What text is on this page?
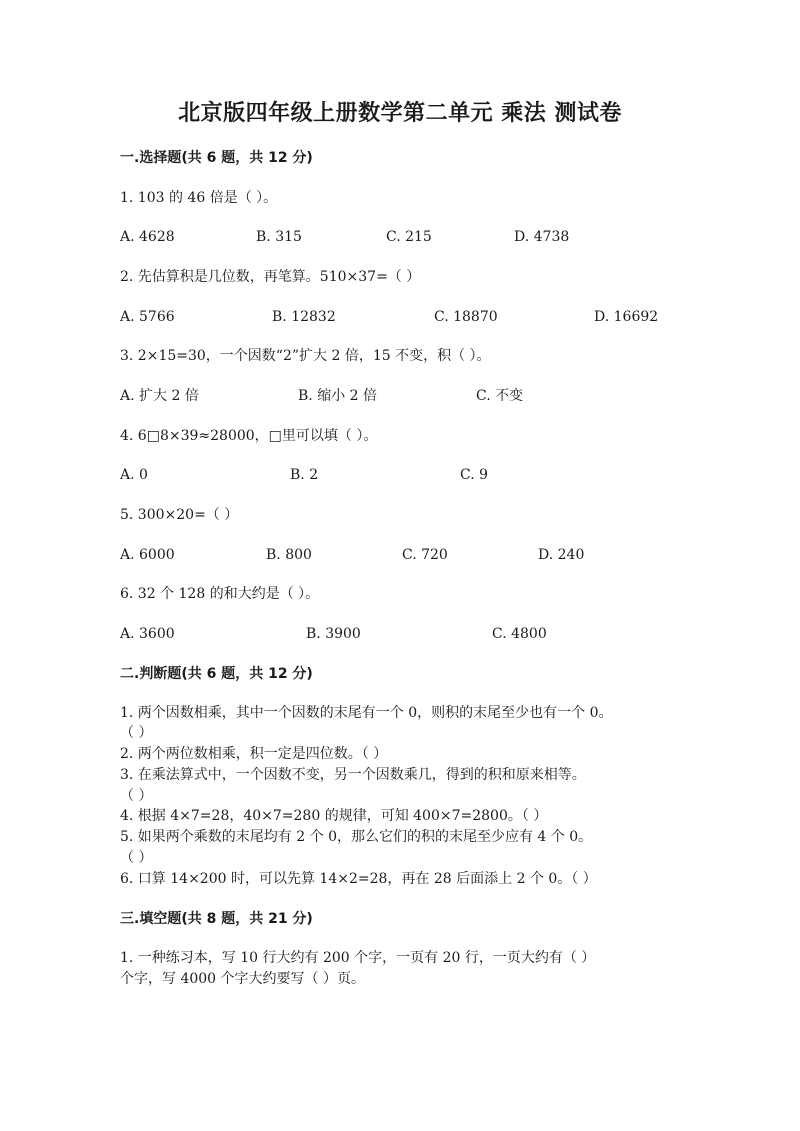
北京版四年级上册数学第二单元 乘法 测试卷
一.选择题(共 6 题，共 12 分)
1. 103 的 46 倍是（ ）。
A. 4628	B. 315	C. 215	D. 4738
2. 先估算积是几位数，再笔算。510×37=（ ）
A. 5766	B. 12832	C. 18870	D. 16692
3. 2×15=30，一个因数“2”扩大 2 倍，15 不变，积（ ）。
A. 扩大 2 倍	B. 缩小 2 倍	C. 不变
4. 6□8×39≈28000，□里可以填（ ）。
A. 0	B. 2	C. 9
5. 300×20=（ ）
A. 6000	B. 800	C. 720	D. 240
6. 32 个 128 的和大约是（ ）。
A. 3600	B. 3900	C. 4800
二.判断题(共 6 题，共 12 分)
1. 两个因数相乘，其中一个因数的末尾有一个 0，则积的末尾至少也有一个 0。
（ ）
2. 两个两位数相乘，积一定是四位数。（ ）
3. 在乘法算式中，一个因数不变，另一个因数乘几，得到的积和原来相等。
（ ）
4. 根据 4×7=28，40×7=280 的规律，可知 400×7=2800。（ ）
5. 如果两个乘数的末尾均有 2 个 0，那么它们的积的末尾至少应有 4 个 0。
（ ）
6. 口算 14×200 时，可以先算 14×2=28，再在 28 后面添上 2 个 0。（ ）
三.填空题(共 8 题，共 21 分)
1. 一种练习本，写 10 行大约有 200 个字，一页有 20 行，一页大约有（ ）
个字，写 4000 个字大约要写（ ）页。
